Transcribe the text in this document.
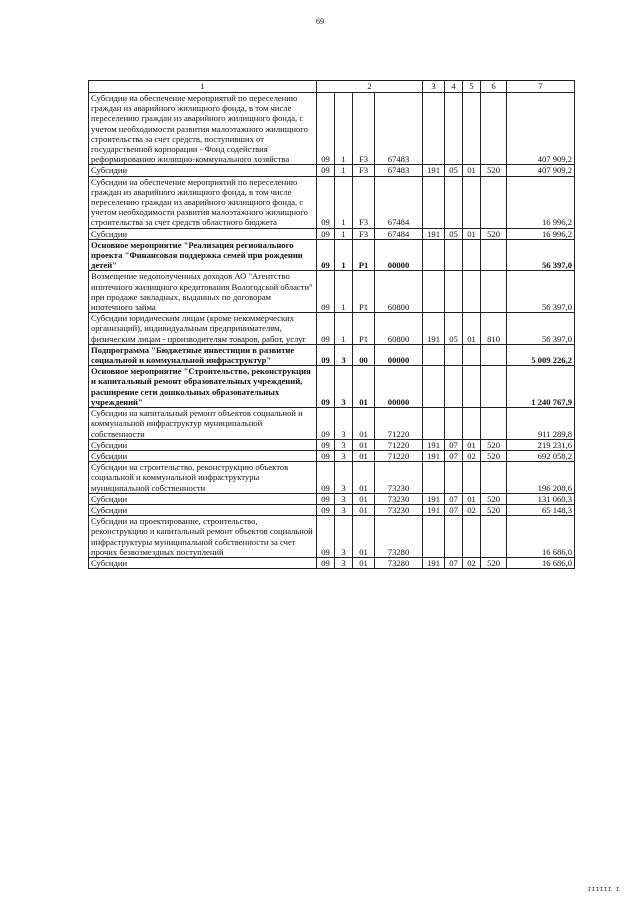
69
1	2				3	4	5	6	7
Субсидии на обеспечение мероприятий по переселению граждан из аварийного жилищного фонда, в том числе переселению граждан из аварийного жилищного фонда, с учетом необходимости развития малоэтажного жилищного строительства за счет средств, поступивших от государственной корпорации - Фонд содействия реформированию жилищно-коммунального хозяйства	09	1	F3	67483					407 909,2
Субсидии	09	1	F3	67483	191	05	01	520	407 909,2
Субсидии на обеспечение мероприятий по переселению граждан из аварийного жилищного фонда, в том числе переселению граждан из аварийного жилищного фонда, с учетом необходимости развития малоэтажного жилищного строительства за счет средств областного бюджета	09	1	F3	67484					16 996,2
Субсидии	09	1	F3	67484	191	05	01	520	16 996,2
Основное мероприятие "Реализация регионального проекта "Финансовая поддержка семей при рождении детей"	09	1	P1	00000					56 397,0
Возмещение недополученных доходов АО "Агентство ипотечного жилищного кредитования Вологодской области" при продаже закладных, выданных по договорам ипотечного займа	09	1	P1	60800					56 397,0
Субсидии юридическим лицам (кроме некоммерческих организаций), индивидуальным предпринимателям, физическим лицам - производителям товаров, работ, услуг	09	1	P1	60800	191	05	01	810	56 397,0
Подпрограмма "Бюджетные инвестиции в развитие социальной и коммунальной инфраструктур"	09	3	00	00000					5 009 226,2
Основное мероприятие "Строительство, реконструкция и капитальный ремонт образовательных учреждений, расширение сети дошкольных образовательных учреждений"	09	3	01	00000					1 240 767,9
Субсидии на капитальный ремонт объектов социальной и коммунальной инфраструктур муниципальной собственности	09	3	01	71220					911 289,8
Субсидии	09	3	01	71220	191	07	01	520	219 231,6
Субсидии	09	3	01	71220	191	07	02	520	692 058,2
Субсидии на строительство, реконструкцию объектов социальной и коммунальной инфраструктуры муниципальной собственности	09	3	01	73230					196 208,6
Субсидии	09	3	01	73230	191	07	01	520	131 060,3
Субсидии	09	3	01	73230	191	07	02	520	65 148,3
Субсидии на проектирование, строительство, реконструкцию и капитальный ремонт объектов социальной инфраструктуры муниципальной собственности за счет прочих безвозмездных поступлений	09	3	01	73280					16 686,0
Субсидии	09	3	01	73280	191	07	02	520	16 686,0
IIIIII I
